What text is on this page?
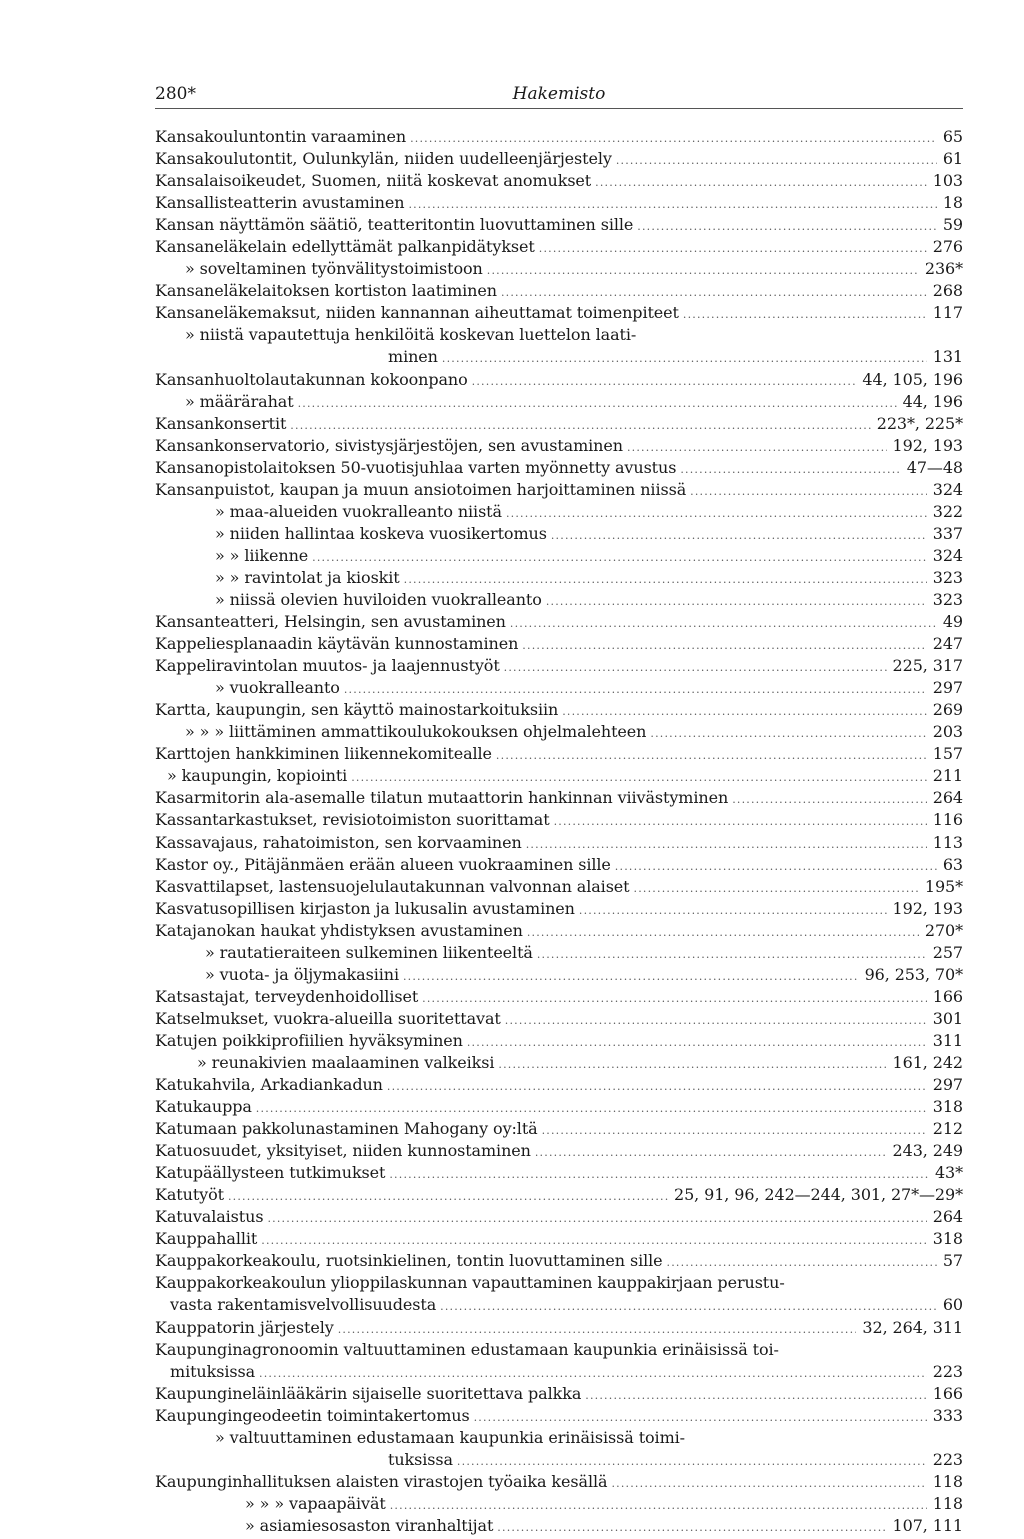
280*	Hakemisto
Kansakouluntontin varaaminen .....	65
Kansakoulutontit, Oulunkylän, niiden uudelleenjärjestely .....	61
Kansalaisoikeudet, Suomen, niitä koskevat anomukset .....	103
Kansallisteatterin avustaminen .....	18
Kansan näyttämön säätiö, teatteritontin luovuttaminen sille .....	59
Kansaneläkelain edellyttämät palkanpidätykset .....	276
» soveltaminen työnvälitystoimistoon .....	236*
Kansaneläkelaitoksen kortiston laatiminen .....	268
Kansaneläkemaksut, niiden kannannan aiheuttamat toimenpiteet .....	117
» niistä vapautettuja henkilöitä koskevan luettelon laati-
minen .....	131
Kansanhuoltolautakunnan kokoonpano .....	44, 105, 196
» määrärahat .....	44, 196
Kansankonsertit .....	223*, 225*
Kansankonservatorio, sivistysjärjestöjen, sen avustaminen .....	192, 193
Kansanopistolaitoksen 50-vuotisjuhlaa varten myönnetty avustus .....	47—48
Kansanpuistot, kaupan ja muun ansiotoimen harjoittaminen niissä .....	324
» maa-alueiden vuokralleanto niistä .....	322
» niiden hallintaa koskeva vuosikertomus .....	337
» » liikenne .....	324
» » ravintolat ja kioskit .....	323
» niissä olevien huviloiden vuokralleanto .....	323
Kansanteatteri, Helsingin, sen avustaminen .....	49
Kappeliesplanaadin käytävän kunnostaminen .....	247
Kappeliravintolan muutos- ja laajennustyöt .....	225, 317
» vuokralleanto .....	297
Kartta, kaupungin, sen käyttö mainostarkoituksiin .....	269
» » » liittäminen ammattikoulukokouksen ohjelmalehteen .....	203
Karttojen hankkiminen liikennekomitealle .....	157
» kaupungin, kopiointi .....	211
Kasarmitorin ala-asemalle tilatun mutaattorin hankinnan viivästyminen .....	264
Kassantarkastukset, revisiotoimiston suorittamat .....	116
Kassavajaus, rahatoimiston, sen korvaaminen .....	113
Kastor oy., Pitäjänmäen erään alueen vuokraaminen sille .....	63
Kasvattilapset, lastensuojelulautakunnan valvonnan alaiset .....	195*
Kasvatusopillisen kirjaston ja lukusalin avustaminen .....	192, 193
Katajanokan haukat yhdistyksen avustaminen .....	270*
» rautatieraiteen sulkeminen liikenteeltä .....	257
» vuota- ja öljymakasiini .....	96, 253, 70*
Katsastajat, terveydenhoidolliset .....	166
Katselmukset, vuokra-alueilla suoritettavat .....	301
Katujen poikkiprofiilien hyväksyminen .....	311
» reunakivien maalaaminen valkeiksi .....	161, 242
Katukahvila, Arkadiankadun .....	297
Katukauppa .....	318
Katumaan pakkolunastaminen Mahogany oy:ltä .....	212
Katuosuudet, yksityiset, niiden kunnostaminen .....	243, 249
Katupäällysteen tutkimukset .....	43*
Katutyöt .....	25, 91, 96, 242—244, 301, 27*—29*
Katuvalaistus .....	264
Kauppahallit .....	318
Kauppakorkeakoulu, ruotsinkielinen, tontin luovuttaminen sille .....	57
Kauppakorkeakoulun ylioppilaskunnan vapauttaminen kauppakirjaan perustu-
vasta rakentamisvelvollisuudesta .....	60
Kauppatorin järjestely .....	32, 264, 311
Kaupunginagronoomin valtuuttaminen edustamaan kaupunkia erinäisissä toi-
mituksissa .....	223
Kaupungineläinlääkärin sijaiselle suoritettava palkka .....	166
Kaupungingeodeetin toimintakertomus .....	333
» valtuuttaminen edustamaan kaupunkia erinäisissä toimi-
tuksissa .....	223
Kaupunginhallituksen alaisten virastojen työaika kesällä .....	118
» » » vapaapäivät .....	118
» asiamiesosaston viranhaltijat .....	107, 111
